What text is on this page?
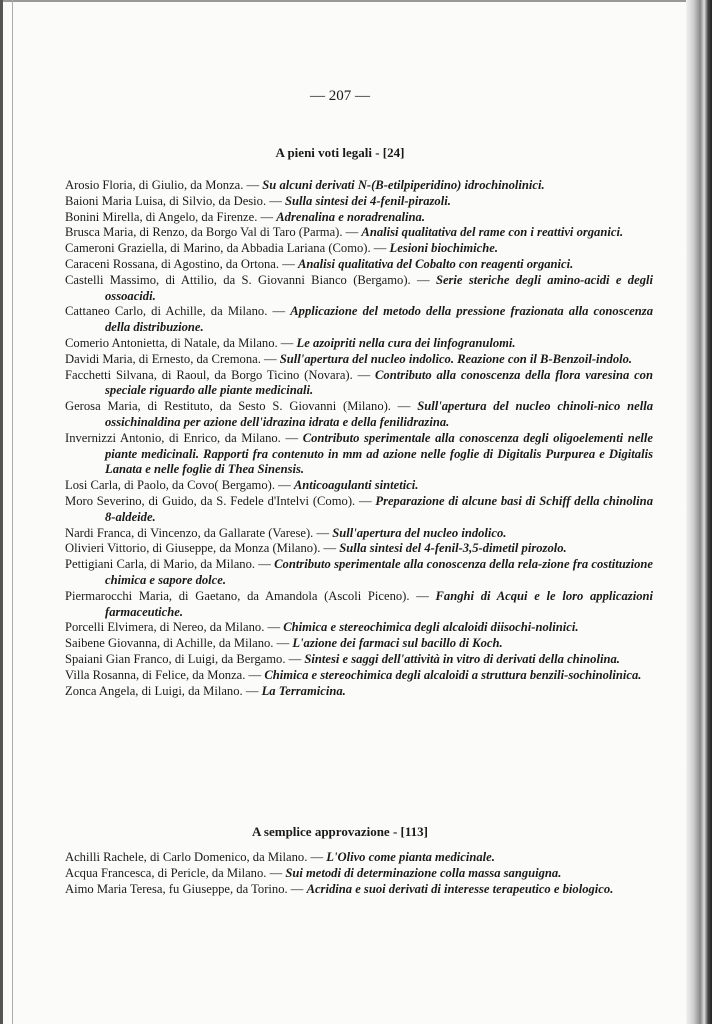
— 207 —
A pieni voti legali - [24]
Arosio Floria, di Giulio, da Monza. — Su alcuni derivati N-(B-etilpiperidino) idrochinolinici.
Baioni Maria Luisa, di Silvio, da Desio. — Sulla sintesi dei 4-fenil-pirazoli.
Bonini Mirella, di Angelo, da Firenze. — Adrenalina e noradrenalina.
Brusca Maria, di Renzo, da Borgo Val di Taro (Parma). — Analisi qualitativa del rame con i reattivi organici.
Cameroni Graziella, di Marino, da Abbadia Lariana (Como). — Lesioni biochimiche.
Caraceni Rossana, di Agostino, da Ortona. — Analisi qualitativa del Cobalto con reagenti organici.
Castelli Massimo, di Attilio, da S. Giovanni Bianco (Bergamo). — Serie steriche degli amino-acidi e degli ossoacidi.
Cattaneo Carlo, di Achille, da Milano. — Applicazione del metodo della pressione frazionata alla conoscenza della distribuzione.
Comerio Antonietta, di Natale, da Milano. — Le azoipriti nella cura dei linfogranulomi.
Davidi Maria, di Ernesto, da Cremona. — Sull'apertura del nucleo indolico. Reazione con il B-Benzoil-indolo.
Facchetti Silvana, di Raoul, da Borgo Ticino (Novara). — Contributo alla conoscenza della flora varesina con speciale riguardo alle piante medicinali.
Gerosa Maria, di Restituto, da Sesto S. Giovanni (Milano). — Sull'apertura del nucleo chinoli-nico nella ossichinaldina per azione dell'idrazina idrata e della fenilidrazina.
Invernizzi Antonio, di Enrico, da Milano. — Contributo sperimentale alla conoscenza degli oligoelementi nelle piante medicinali. Rapporti fra contenuto in mm ad azione nelle foglie di Digitalis Purpurea e Digitalis Lanata e nelle foglie di Thea Sinensis.
Losi Carla, di Paolo, da Covo( Bergamo). — Anticoagulanti sintetici.
Moro Severino, di Guido, da S. Fedele d'Intelvi (Como). — Preparazione di alcune basi di Schiff della chinolina 8-aldeide.
Nardi Franca, di Vincenzo, da Gallarate (Varese). — Sull'apertura del nucleo indolico.
Olivieri Vittorio, di Giuseppe, da Monza (Milano). — Sulla sintesi del 4-fenil-3,5-dimetil pirozolo.
Pettigiani Carla, di Mario, da Milano. — Contributo sperimentale alla conoscenza della rela-zione fra costituzione chimica e sapore dolce.
Piermarocchi Maria, di Gaetano, da Amandola (Ascoli Piceno). — Fanghi di Acqui e le loro applicazioni farmaceutiche.
Porcelli Elvimera, di Nereo, da Milano. — Chimica e stereochimica degli alcaloidi diisochi-nolinici.
Saibene Giovanna, di Achille, da Milano. — L'azione dei farmaci sul bacillo di Koch.
Spaiani Gian Franco, di Luigi, da Bergamo. — Sintesi e saggi dell'attività in vitro di derivati della chinolina.
Villa Rosanna, di Felice, da Monza. — Chimica e stereochimica degli alcaloidi a struttura benzili-sochinolinica.
Zonca Angela, di Luigi, da Milano. — La Terramicina.
A semplice approvazione - [113]
Achilli Rachele, di Carlo Domenico, da Milano. — L'Olivo come pianta medicinale.
Acqua Francesca, di Pericle, da Milano. — Sui metodi di determinazione colla massa sanguigna.
Aimo Maria Teresa, fu Giuseppe, da Torino. — Acridina e suoi derivati di interesse terapeutico e biologico.
